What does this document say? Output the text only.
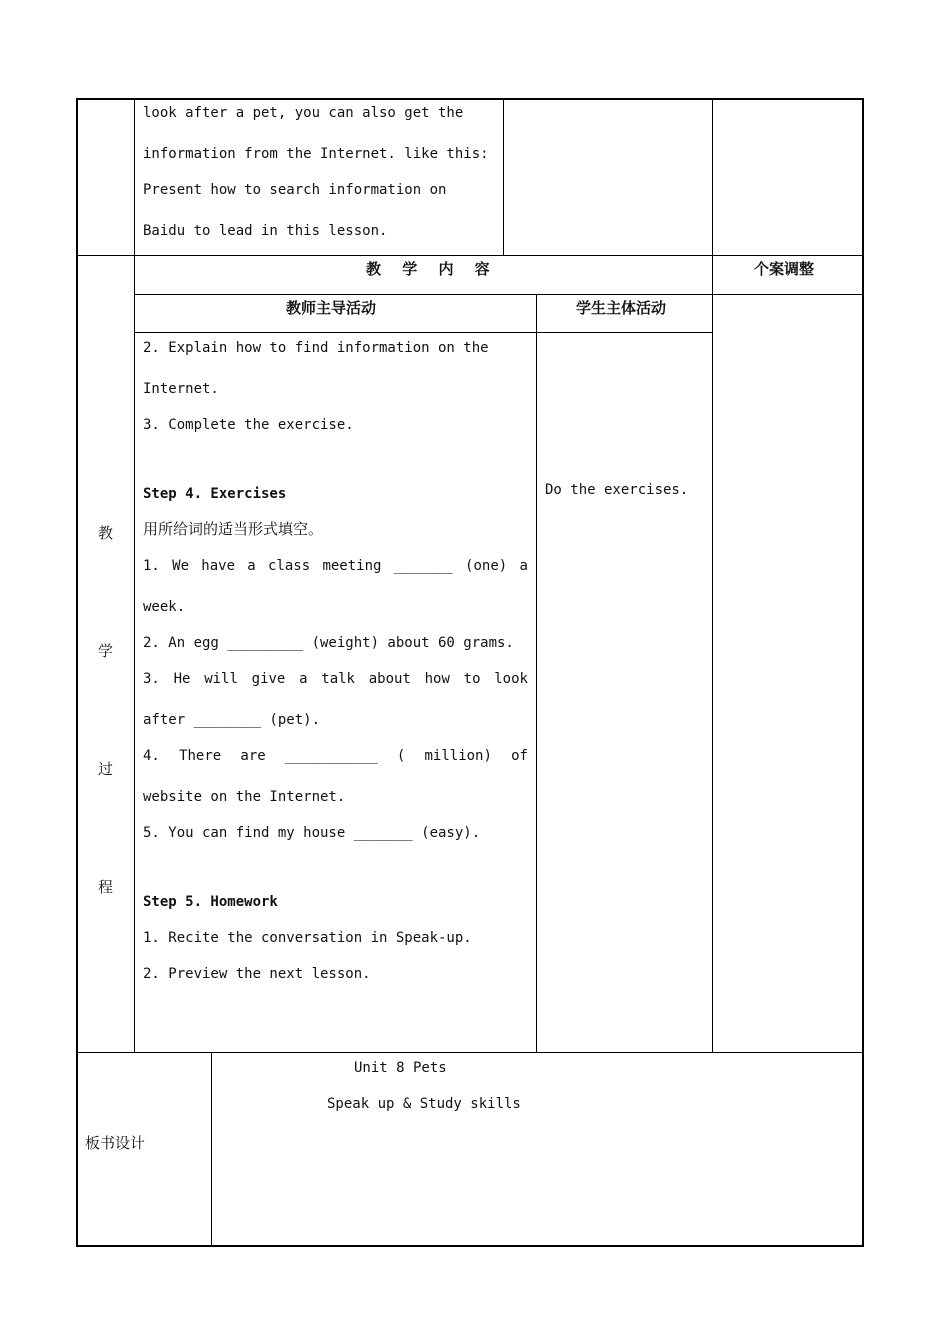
look after a pet, you can also get the
information from the Internet. like this:
Present how to search information on
Baidu to lead in this lesson.
教 学 内 容	个案调整
教师主导活动	学生主体活动
教
学
过
程
2. Explain how to find information on the
Internet.
3. Complete the exercise.
Step 4. Exercises
用所给词的适当形式填空。
1. We have a class meeting _______ (one) a
week.
2. An egg _________ (weight) about 60 grams.
3. He will give a talk about how to look
after ________ (pet).
4. There are ___________ ( million) of
website on the Internet.
5. You can find my house _______ (easy).
Step 5. Homework
1. Recite the conversation in Speak-up.
2. Preview the next lesson.
Do the exercises.
板书设计
Unit 8 Pets
Speak up & Study skills
